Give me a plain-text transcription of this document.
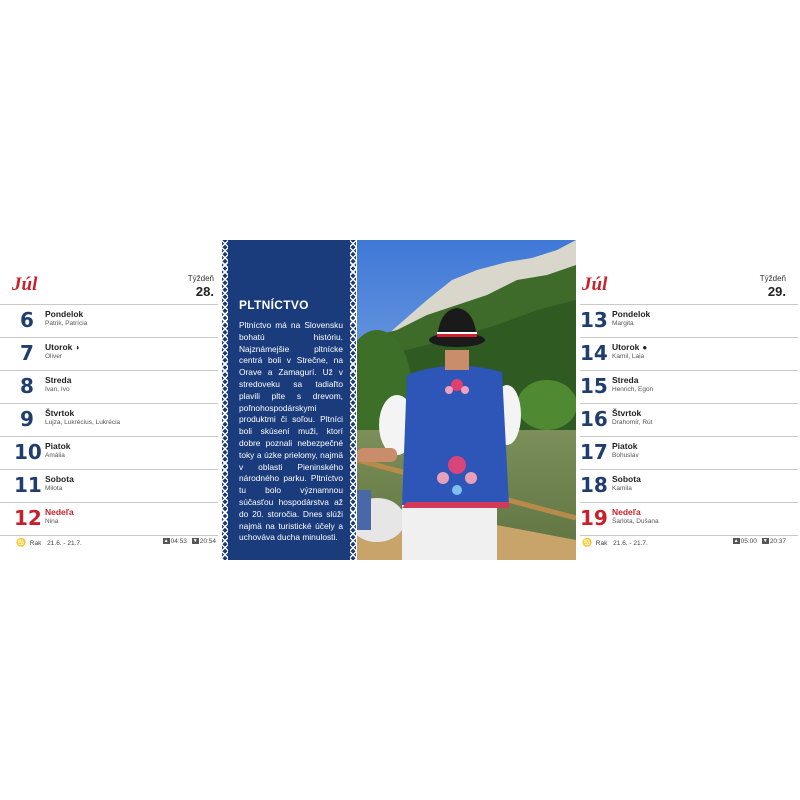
Júl	Týždeň
28.
6	Pondelok
Patrik, Patrícia
7	Utorok ◗
Oliver
8	Streda
Ivan, Ivo
9	Štvrtok
Lujza, Lukrécius, Lukrécia
10 Piatok
Amália
11 Sobota
Milota
12 Nedeľa
Nina
♋ Rak 21.6. - 21.7.	▲ 04:53 ▼ 20:54
PLTNÍCTVO

Pltníctvo má na Slovensku bohatú históriu. Najznámejšie pltnícke centrá boli v Strečne, na Orave a Zamagurí. Už v stredoveku sa tadiaľto plavili plte s drevom, poľnohospodárskymi produktmi či soľou. Pltníci boli skúsení muži, ktorí dobre poznali nebezpečné toky a úzke prielomy, najmä v oblasti Pieninského národného parku. Pltníctvo tu bolo významnou súčasťou hospodárstva až do 20. storočia. Dnes slúži najmä na turistické účely a uchováva ducha minulosti.

Júl	Týždeň
29.
13 Pondelok
Margita
14 Utorok ●
Kamil, Laia
15 Streda
Henrich, Egon
16 Štvrtok
Drahomír, Rút
17 Piatok
Bohuslav
18 Sobota
Kamila
19 Nedeľa
Šarlota, Dušana
♋ Rak 21.6. - 21.7.	▲ 05:00 ▼ 20:37
